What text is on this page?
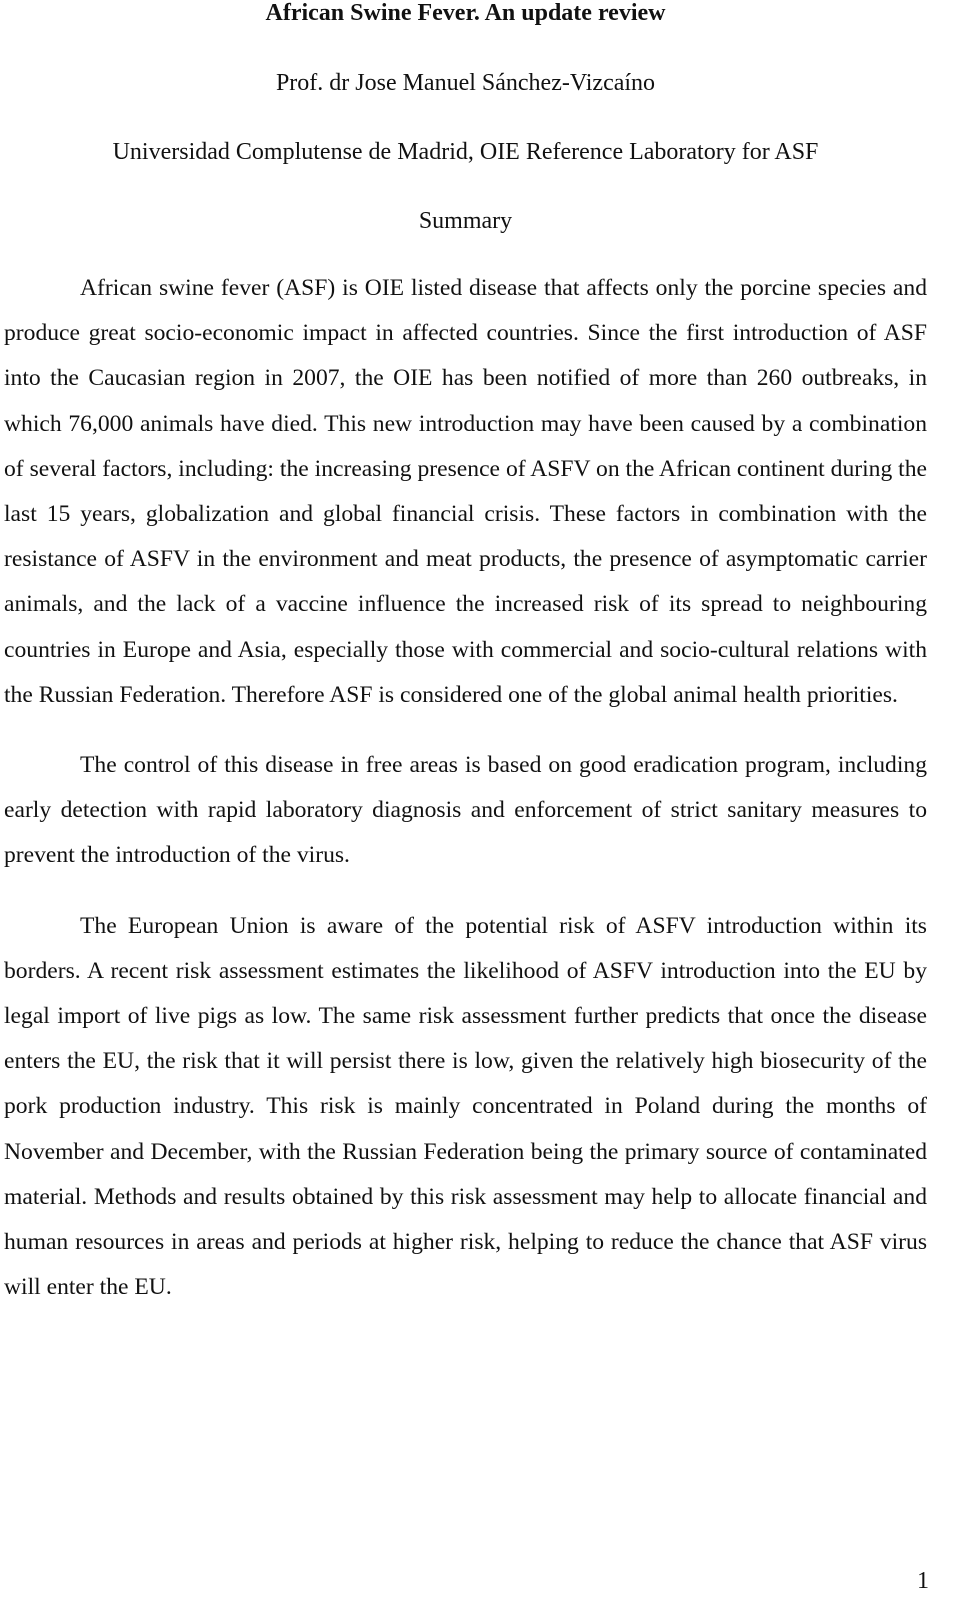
African Swine Fever. An update review

Prof. dr Jose Manuel Sánchez-Vizcaíno

Universidad Complutense de Madrid, OIE Reference Laboratory for ASF

Summary

African swine fever (ASF) is OIE listed disease that affects only the porcine species and produce great socio-economic impact in affected countries. Since the first introduction of ASF into the Caucasian region in 2007, the OIE has been notified of more than 260 outbreaks, in which 76,000 animals have died. This new introduction may have been caused by a combination of several factors, including: the increasing presence of ASFV on the African continent during the last 15 years, globalization and global financial crisis. These factors in combination with the resistance of ASFV in the environment and meat products, the presence of asymptomatic carrier animals, and the lack of a vaccine influence the increased risk of its spread to neighbouring countries in Europe and Asia, especially those with commercial and socio-cultural relations with the Russian Federation. Therefore ASF is considered one of the global animal health priorities.

The control of this disease in free areas is based on good eradication program, including early detection with rapid laboratory diagnosis and enforcement of strict sanitary measures to prevent the introduction of the virus.

The European Union is aware of the potential risk of ASFV introduction within its borders. A recent risk assessment estimates the likelihood of ASFV introduction into the EU by legal import of live pigs as low. The same risk assessment further predicts that once the disease enters the EU, the risk that it will persist there is low, given the relatively high biosecurity of the pork production industry. This risk is mainly concentrated in Poland during the months of November and December, with the Russian Federation being the primary source of contaminated material. Methods and results obtained by this risk assessment may help to allocate financial and human resources in areas and periods at higher risk, helping to reduce the chance that ASF virus will enter the EU.

1
